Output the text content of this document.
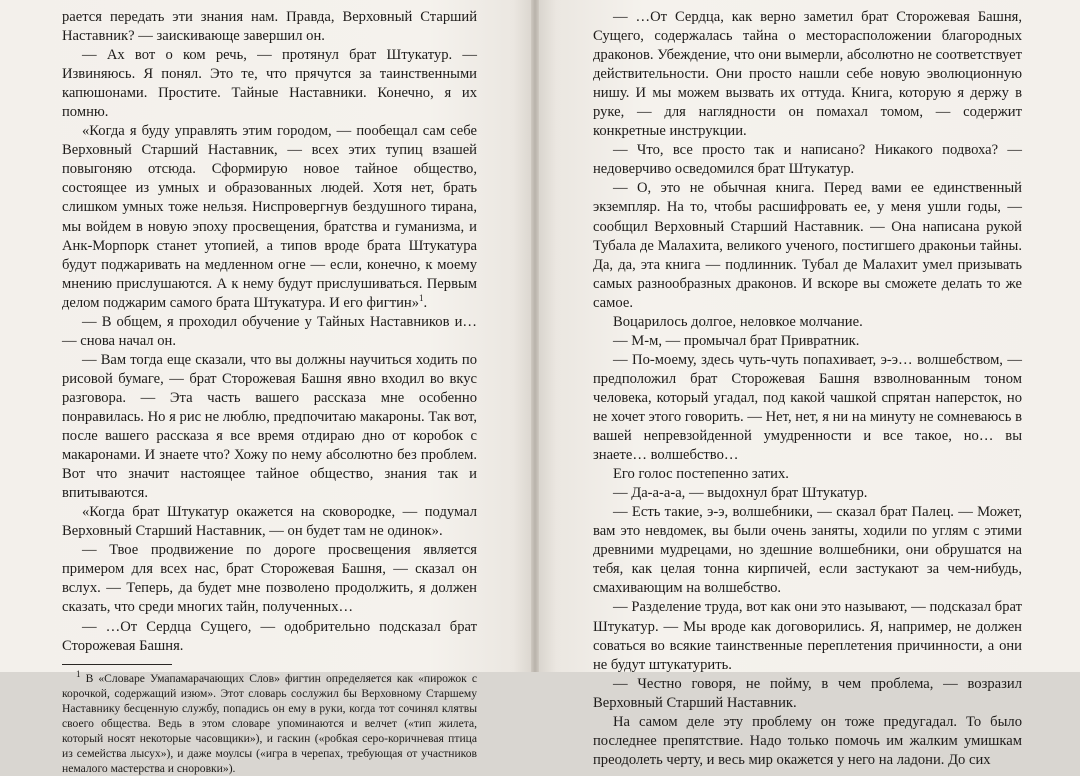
рается передать эти знания нам. Правда, Верховный Старший Наставник? — заискивающе завершил он.

— Ах вот о ком речь, — протянул брат Штукатур. — Извиняюсь. Я понял. Это те, что прячутся за таинственными капюшонами. Простите. Тайные Наставники. Конечно, я их помню.

«Когда я буду управлять этим городом, — пообещал сам себе Верховный Старший Наставник, — всех этих тупиц взашей повыгоняю отсюда. Сформирую новое тайное общество, состоящее из умных и образованных людей. Хотя нет, брать слишком умных тоже нельзя. Ниспровергнув бездушного тирана, мы войдем в новую эпоху просвещения, братства и гуманизма, и Анк-Морпорк станет утопией, а типов вроде брата Штукатура будут поджаривать на медленном огне — если, конечно, к моему мнению прислушаются. А к нему будут прислушиваться. Первым делом поджарим самого брата Штукатура. И его фигтин»$^1$.

— В общем, я проходил обучение у Тайных Наставников и… — снова начал он.

— Вам тогда еще сказали, что вы должны научиться ходить по рисовой бумаге, — брат Сторожевая Башня явно входил во вкус разговора. — Эта часть вашего рассказа мне особенно понравилась. Но я рис не люблю, предпочитаю макароны. Так вот, после вашего рассказа я все время отдираю дно от коробок с макаронами. И знаете что? Хожу по нему абсолютно без проблем. Вот что значит настоящее тайное общество, знания так и впитываются.

«Когда брат Штукатур окажется на сковородке, — подумал Верховный Старший Наставник, — он будет там не одинок».

— Твое продвижение по дороге просвещения является примером для всех нас, брат Сторожевая Башня, — сказал он вслух. — Теперь, да будет мне позволено продолжить, я должен сказать, что среди многих тайн, полученных…

— …От Сердца Сущего, — одобрительно подсказал брат Сторожевая Башня.

$^1$ В «Словаре Умапамарачающих Слов» фигтин определяется как «пирожок с корочкой, содержащий изюм». Этот словарь сослужил бы Верховному Старшему Наставнику бесценную службу, попадись он ему в руки, когда тот сочинял клятвы своего общества. Ведь в этом словаре упоминаются и велчет («тип жилета, который носят некоторые часовщики»), и гаскин («робкая серо-коричневая птица из семейства лысух»), и даже моулсы («игра в черепах, требующая от участников немалого мастерства и сноровки»).

— …От Сердца, как верно заметил брат Сторожевая Башня, Сущего, содержалась тайна о месторасположении благородных драконов. Убеждение, что они вымерли, абсолютно не соответствует действительности. Они просто нашли себе новую эволюционную нишу. И мы можем вызвать их оттуда. Книга, которую я держу в руке, — для наглядности он помахал томом, — содержит конкретные инструкции.

— Что, все просто так и написано? Никакого подвоха? — недоверчиво осведомился брат Штукатур.

— О, это не обычная книга. Перед вами ее единственный экземпляр. На то, чтобы расшифровать ее, у меня ушли годы, — сообщил Верховный Старший Наставник. — Она написана рукой Тубала де Малахита, великого ученого, постигшего драконьи тайны. Да, да, эта книга — подлинник. Тубал де Малахит умел призывать самых разнообразных драконов. И вскоре вы сможете делать то же самое.

Воцарилось долгое, неловкое молчание.

— М-м, — промычал брат Привратник.

— По-моему, здесь чуть-чуть попахивает, э-э… волшебством, — предположил брат Сторожевая Башня взволнованным тоном человека, который угадал, под какой чашкой спрятан наперсток, но не хочет этого говорить. — Нет, нет, я ни на минуту не сомневаюсь в вашей непревзойденной умудренности и все такое, но… вы знаете… волшебство…

Его голос постепенно затих.

— Да-а-а-а, — выдохнул брат Штукатур.

— Есть такие, э-э, волшебники, — сказал брат Палец. — Может, вам это невдомек, вы были очень заняты, ходили по углям с этими древними мудрецами, но здешние волшебники, они обрушатся на тебя, как целая тонна кирпичей, если застукают за чем-нибудь, смахивающим на волшебство.

— Разделение труда, вот как они это называют, — подсказал брат Штукатур. — Мы вроде как договорились. Я, например, не должен соваться во всякие таинственные переплетения причинности, а они не будут штукатурить.

— Честно говоря, не пойму, в чем проблема, — возразил Верховный Старший Наставник.

На самом деле эту проблему он тоже предугадал. То было последнее препятствие. Надо только помочь им жалким умишкам преодолеть черту, и весь мир окажется у него на ладони. До сих
